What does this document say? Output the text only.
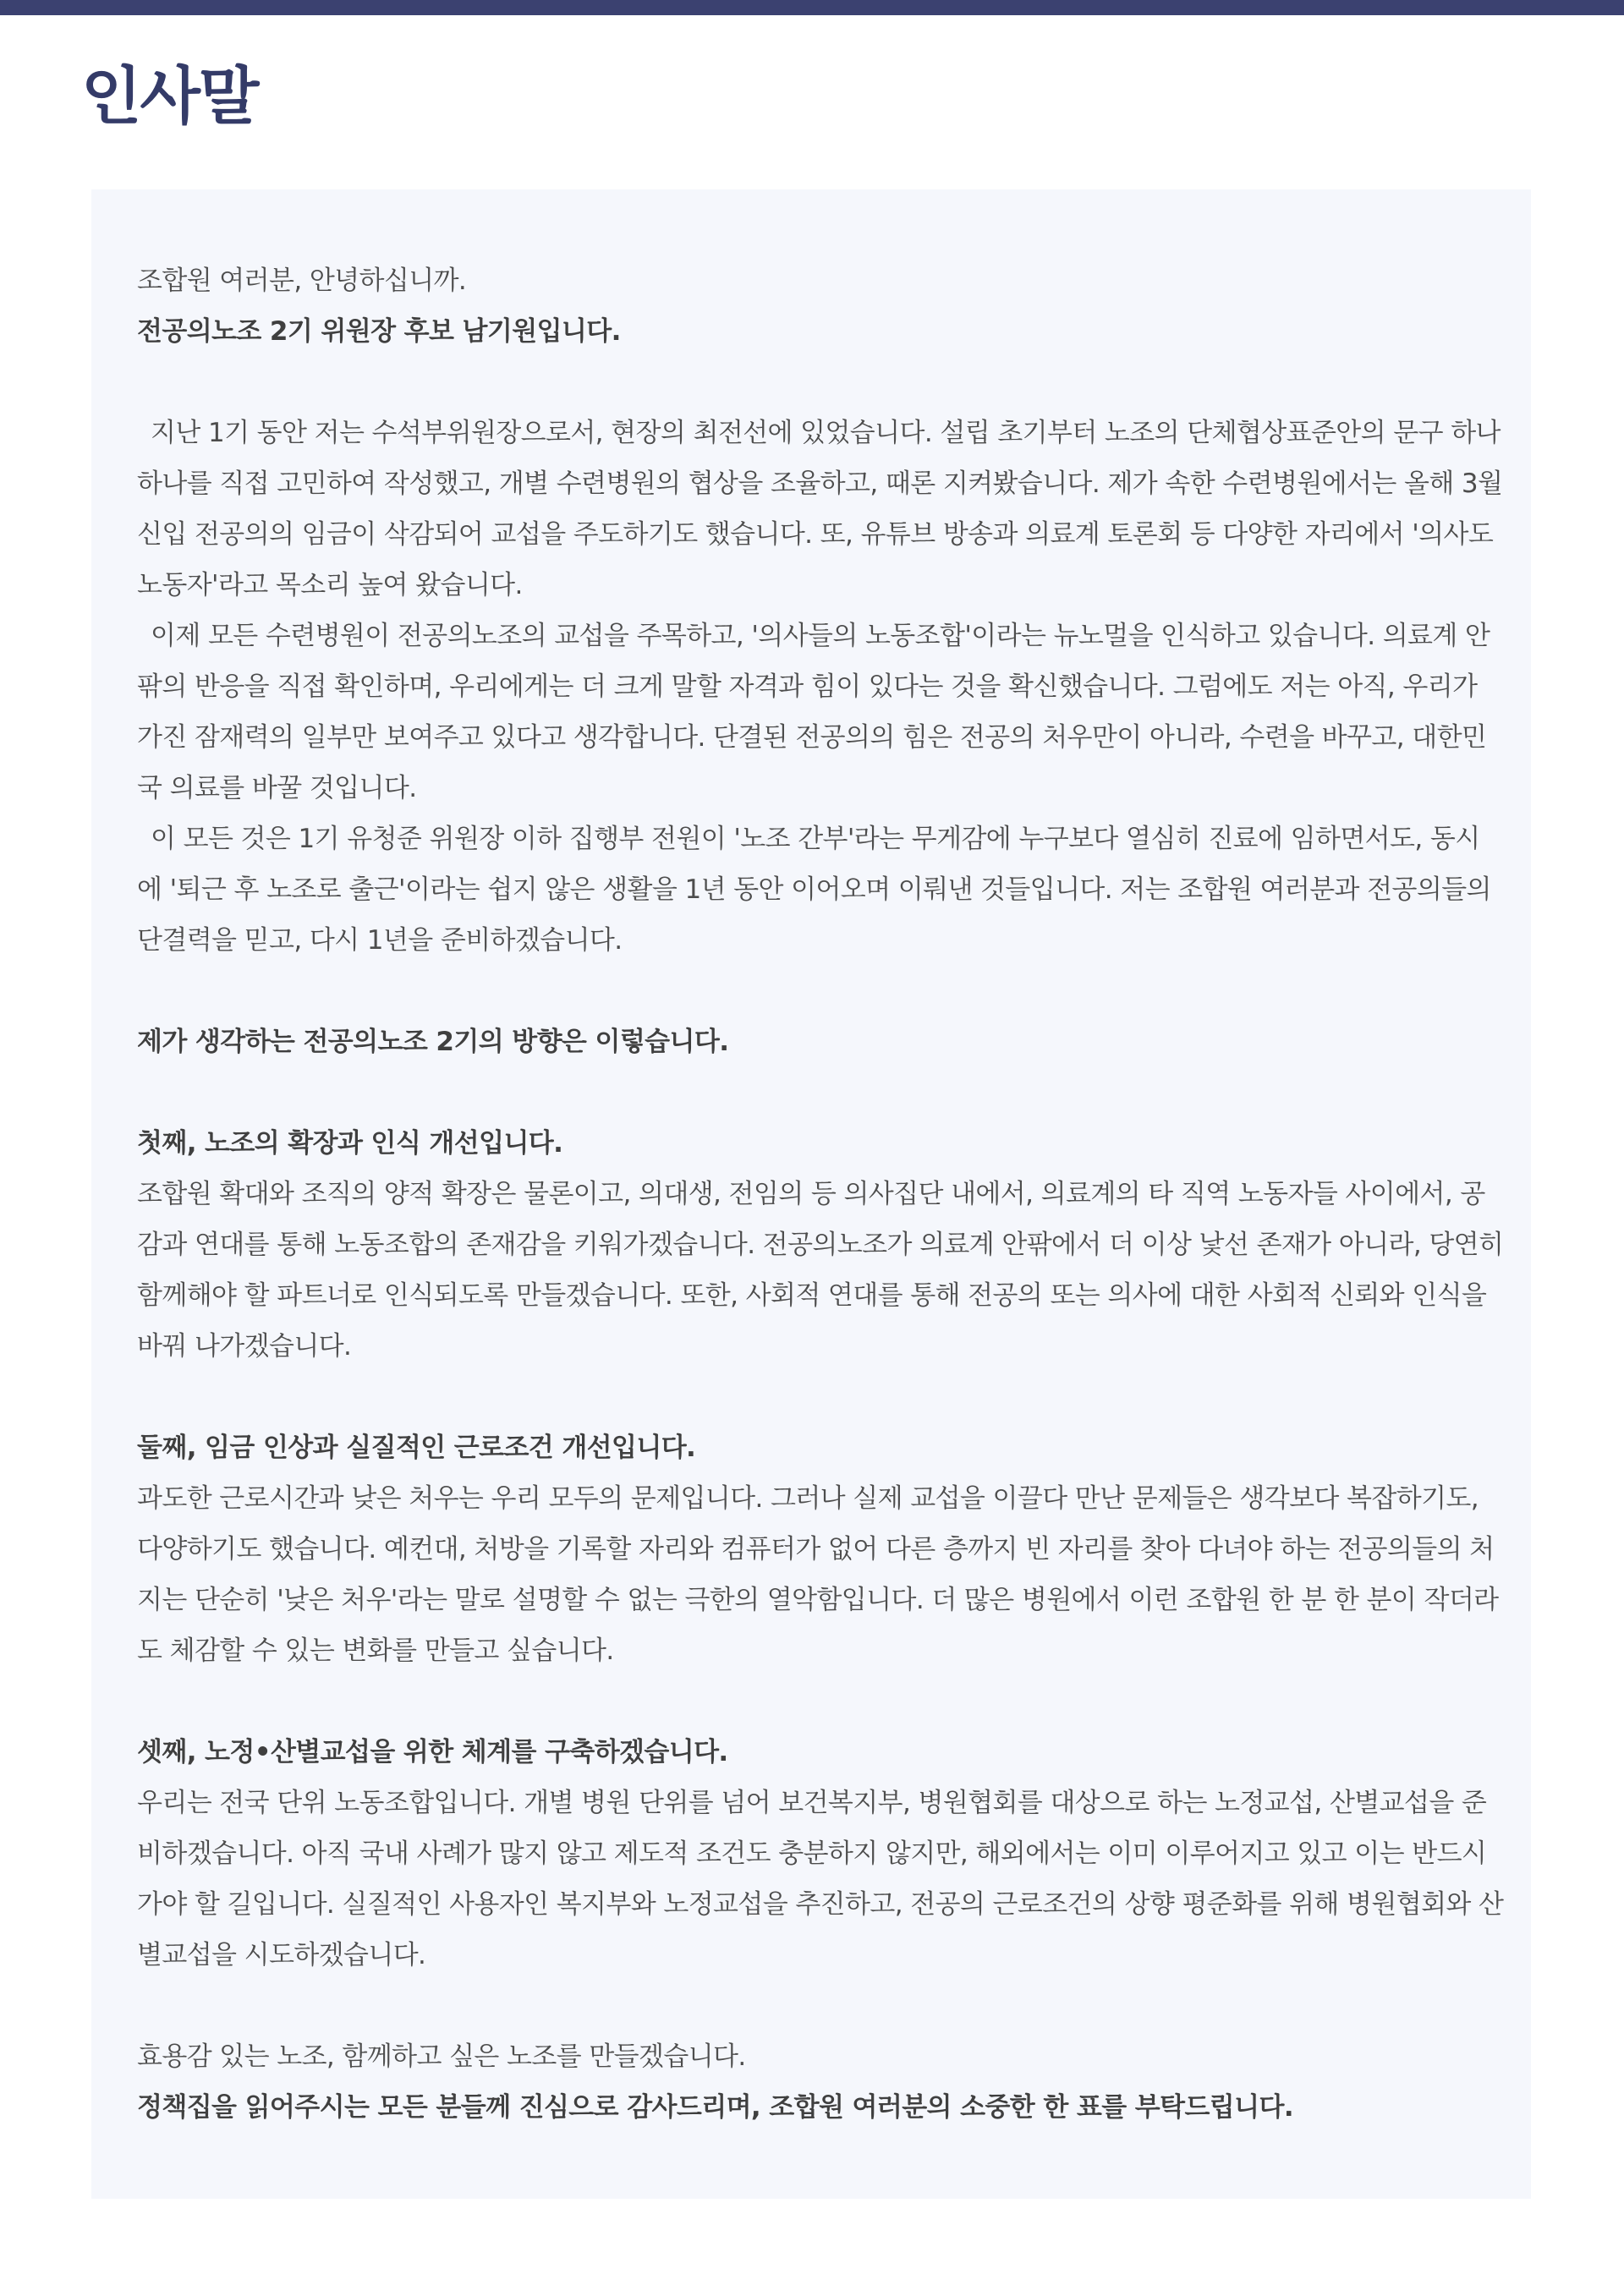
인사말

조합원 여러분, 안녕하십니까.

전공의노조 2기 위원장 후보 남기원입니다.

지난 1기 동안 저는 수석부위원장으로서, 현장의 최전선에 있었습니다. 설립 초기부터 노조의 단체협상표준안의 문구 하나 하나를 직접 고민하여 작성했고, 개별 수련병원의 협상을 조율하고, 때론 지켜봤습니다. 제가 속한 수련병원에서는 올해 3월 신입 전공의의 임금이 삭감되어 교섭을 주도하기도 했습니다. 또, 유튜브 방송과 의료계 토론회 등 다양한 자리에서 '의사도 노동자'라고 목소리 높여 왔습니다.

이제 모든 수련병원이 전공의노조의 교섭을 주목하고, '의사들의 노동조합'이라는 뉴노멀을 인식하고 있습니다. 의료계 안팎의 반응을 직접 확인하며, 우리에게는 더 크게 말할 자격과 힘이 있다는 것을 확신했습니다. 그럼에도 저는 아직, 우리가 가진 잠재력의 일부만 보여주고 있다고 생각합니다. 단결된 전공의의 힘은 전공의 처우만이 아니라, 수련을 바꾸고, 대한민국 의료를 바꿀 것입니다.

이 모든 것은 1기 유청준 위원장 이하 집행부 전원이 '노조 간부'라는 무게감에 누구보다 열심히 진료에 임하면서도, 동시에 '퇴근 후 노조로 출근'이라는 쉽지 않은 생활을 1년 동안 이어오며 이뤄낸 것들입니다. 저는 조합원 여러분과 전공의들의 단결력을 믿고, 다시 1년을 준비하겠습니다.

제가 생각하는 전공의노조 2기의 방향은 이렇습니다.

첫째, 노조의 확장과 인식 개선입니다.

조합원 확대와 조직의 양적 확장은 물론이고, 의대생, 전임의 등 의사집단 내에서, 의료계의 타 직역 노동자들 사이에서, 공감과 연대를 통해 노동조합의 존재감을 키워가겠습니다. 전공의노조가 의료계 안팎에서 더 이상 낯선 존재가 아니라, 당연히 함께해야 할 파트너로 인식되도록 만들겠습니다. 또한, 사회적 연대를 통해 전공의 또는 의사에 대한 사회적 신뢰와 인식을 바꿔 나가겠습니다.

둘째, 임금 인상과 실질적인 근로조건 개선입니다.

과도한 근로시간과 낮은 처우는 우리 모두의 문제입니다. 그러나 실제 교섭을 이끌다 만난 문제들은 생각보다 복잡하기도, 다양하기도 했습니다. 예컨대, 처방을 기록할 자리와 컴퓨터가 없어 다른 층까지 빈 자리를 찾아 다녀야 하는 전공의들의 처지는 단순히 '낮은 처우'라는 말로 설명할 수 없는 극한의 열악함입니다. 더 많은 병원에서 이런 조합원 한 분 한 분이 작더라도 체감할 수 있는 변화를 만들고 싶습니다.

셋째, 노정•산별교섭을 위한 체계를 구축하겠습니다.

우리는 전국 단위 노동조합입니다. 개별 병원 단위를 넘어 보건복지부, 병원협회를 대상으로 하는 노정교섭, 산별교섭을 준비하겠습니다. 아직 국내 사례가 많지 않고 제도적 조건도 충분하지 않지만, 해외에서는 이미 이루어지고 있고 이는 반드시 가야 할 길입니다. 실질적인 사용자인 복지부와 노정교섭을 추진하고, 전공의 근로조건의 상향 평준화를 위해 병원협회와 산별교섭을 시도하겠습니다.

효용감 있는 노조, 함께하고 싶은 노조를 만들겠습니다.

정책집을 읽어주시는 모든 분들께 진심으로 감사드리며, 조합원 여러분의 소중한 한 표를 부탁드립니다.
